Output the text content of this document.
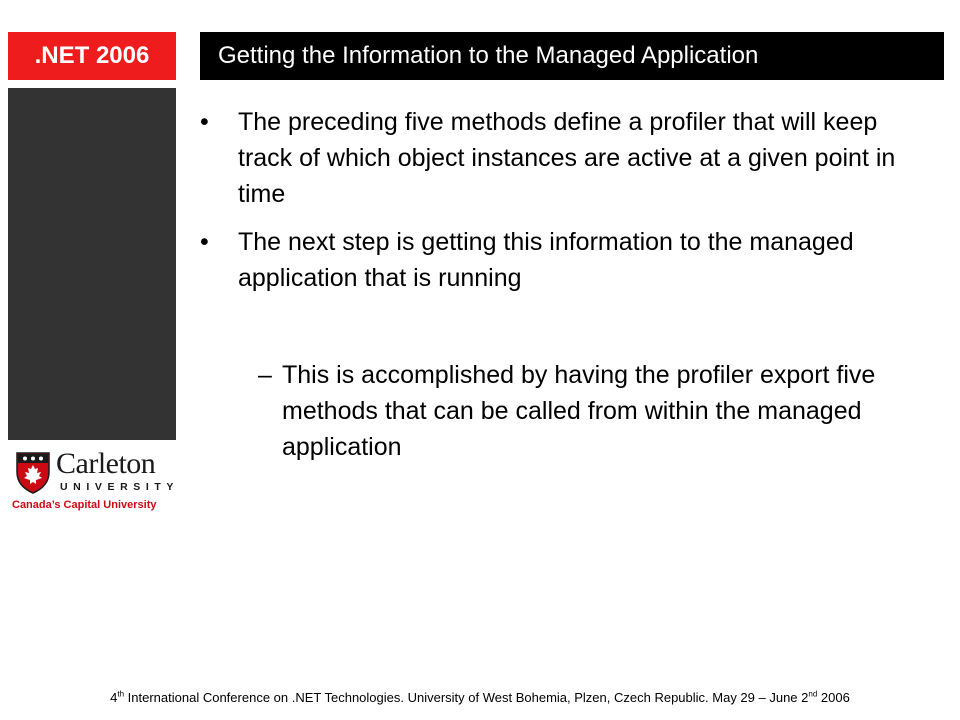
.NET 2006	Getting the Information to the Managed Application
Carleton
UNIVERSITY
Canada’s Capital University
• The preceding five methods define a profiler that will keep track of which object instances are active at a given point in time
• The next step is getting this information to the managed application that is running
– This is accomplished by having the profiler export five methods that can be called from within the managed application
4th International Conference on .NET Technologies. University of West Bohemia, Plzen, Czech Republic. May 29 – June 2nd 2006
